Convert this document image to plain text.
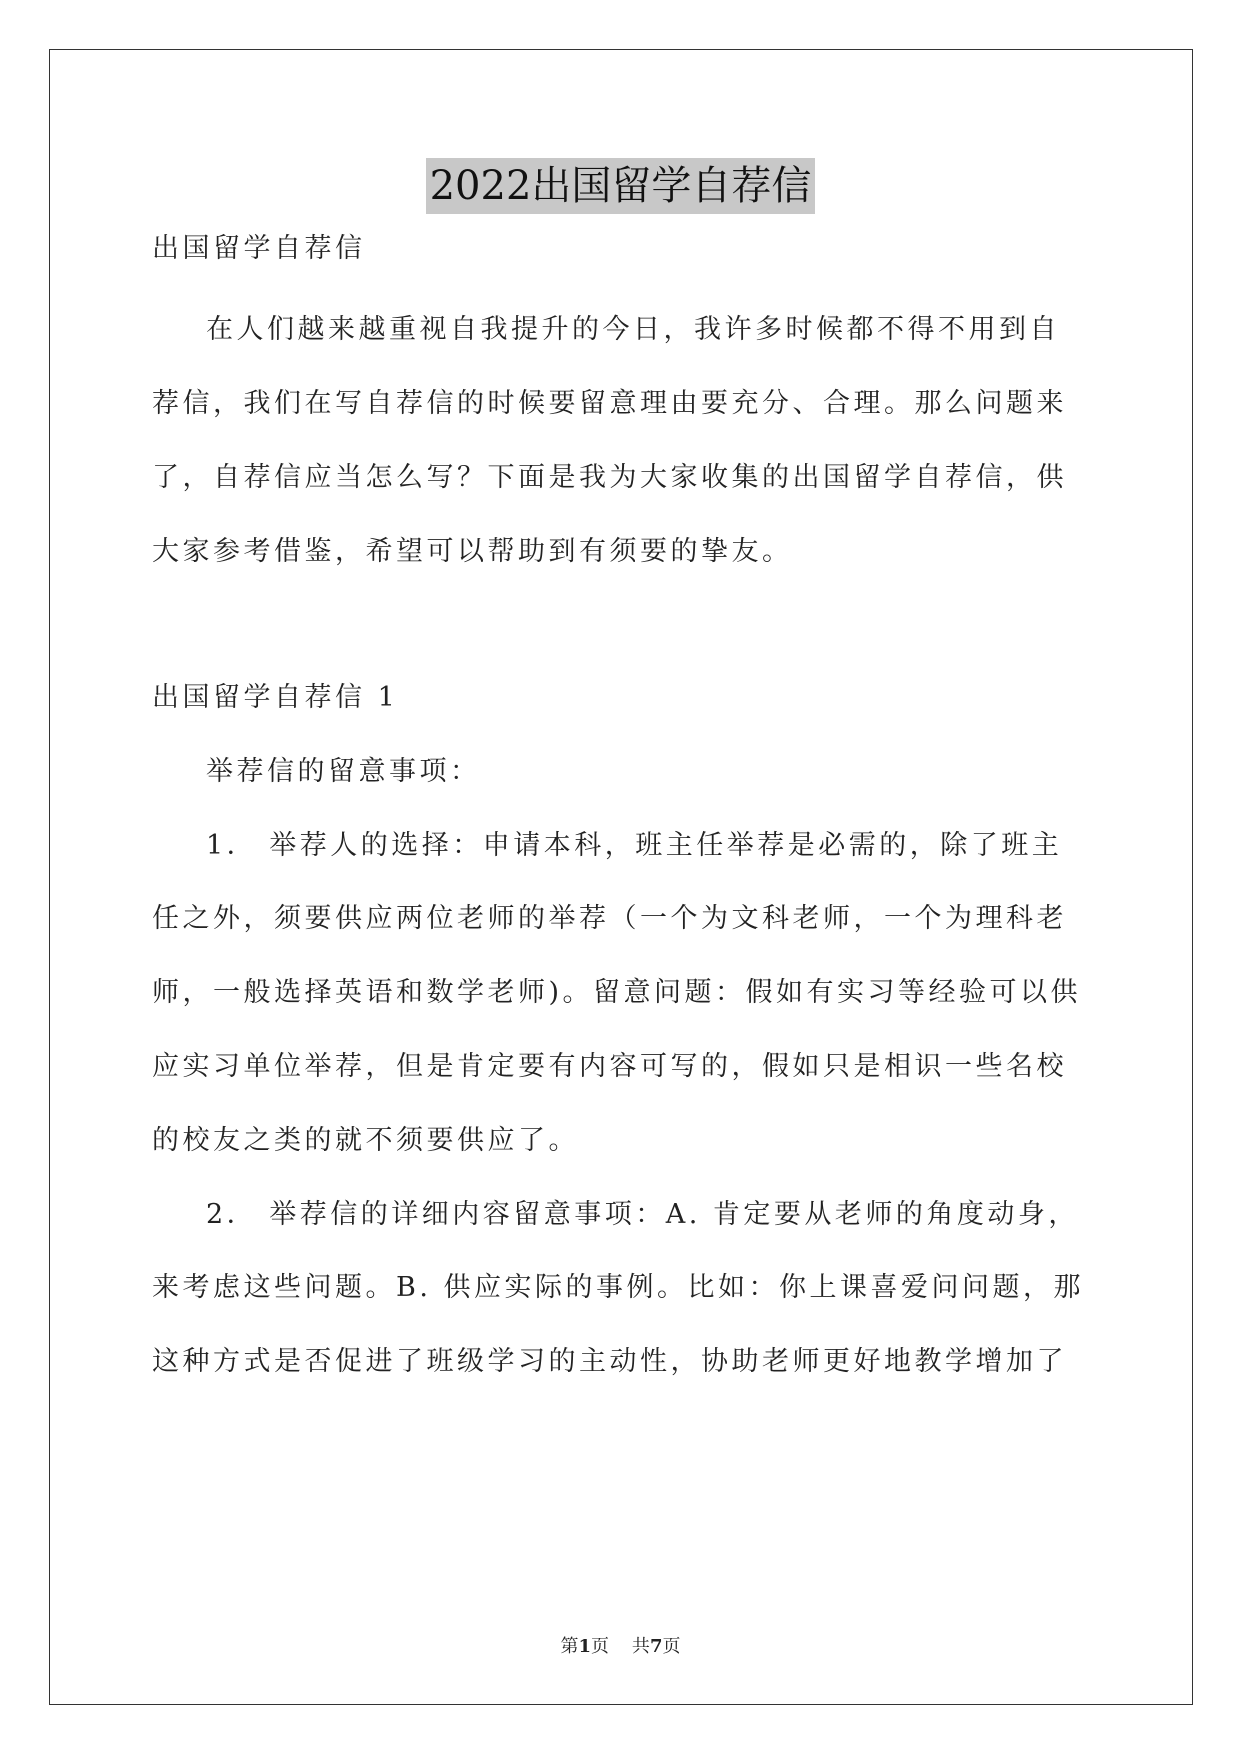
2022出国留学自荐信
出国留学自荐信
在人们越来越重视自我提升的今日，我许多时候都不得不用到自
荐信，我们在写自荐信的时候要留意理由要充分、合理。那么问题来
了，自荐信应当怎么写？下面是我为大家收集的出国留学自荐信，供
大家参考借鉴，希望可以帮助到有须要的挚友。
出国留学自荐信 1
举荐信的留意事项：
1． 举荐人的选择：申请本科，班主任举荐是必需的，除了班主
任之外，须要供应两位老师的举荐（一个为文科老师，一个为理科老
师，一般选择英语和数学老师)。留意问题：假如有实习等经验可以供
应实习单位举荐，但是肯定要有内容可写的，假如只是相识一些名校
的校友之类的就不须要供应了。
2． 举荐信的详细内容留意事项：A. 肯定要从老师的角度动身，
来考虑这些问题。B. 供应实际的事例。比如：你上课喜爱问问题，那
这种方式是否促进了班级学习的主动性，协助老师更好地教学增加了
第1页    共7页
